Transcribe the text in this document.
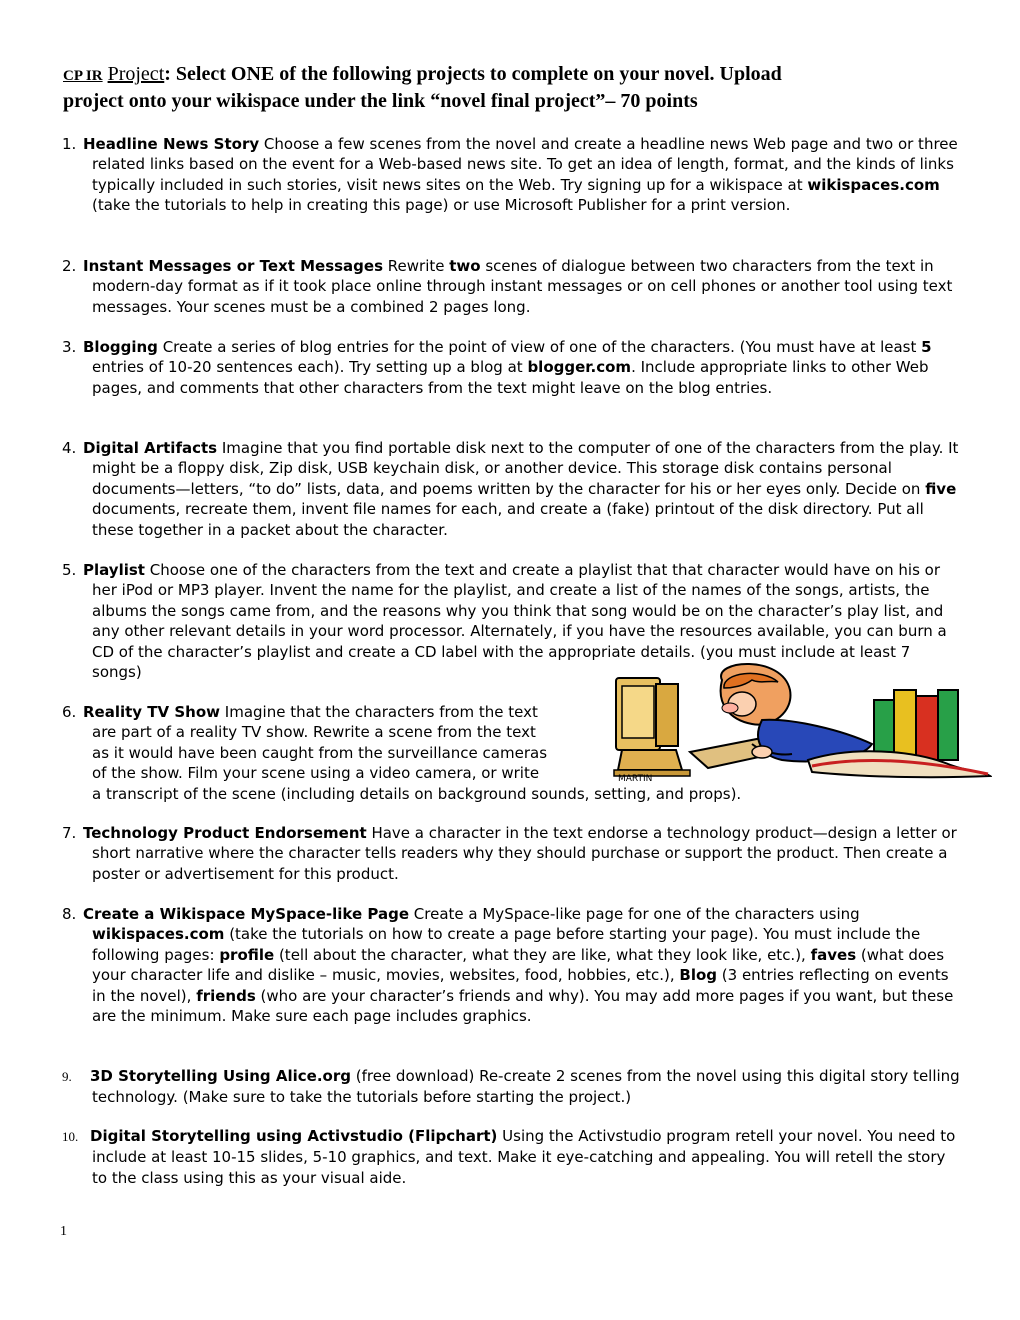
CP IR Project: Select ONE of the following projects to complete on your novel. Upload
project onto your wikispace under the link “novel final project”– 70 points

1.Headline News Story Choose a few scenes from the novel and create a headline news Web page and two or three related links based on the event for a Web-based news site. To get an idea of length, format, and the kinds of links typically included in such stories, visit news sites on the Web. Try signing up for a wikispace at wikispaces.com (take the tutorials to help in creating this page) or use Microsoft Publisher for a print version.

2.Instant Messages or Text Messages Rewrite two scenes of dialogue between two characters from the text in modern-day format as if it took place online through instant messages or on cell phones or another tool using text messages. Your scenes must be a combined 2 pages long.

3.Blogging Create a series of blog entries for the point of view of one of the characters. (You must have at least 5 entries of 10-20 sentences each). Try setting up a blog at blogger.com. Include appropriate links to other Web pages, and comments that other characters from the text might leave on the blog entries.

4.Digital Artifacts Imagine that you find portable disk next to the computer of one of the characters from the play. It might be a floppy disk, Zip disk, USB keychain disk, or another device. This storage disk contains personal documents—letters, “to do” lists, data, and poems written by the character for his or her eyes only. Decide on five documents, recreate them, invent file names for each, and create a (fake) printout of the disk directory. Put all these together in a packet about the character.

5.Playlist Choose one of the characters from the text and create a playlist that that character would have on his or her iPod or MP3 player. Invent the name for the playlist, and create a list of the names of the songs, artists, the albums the songs came from, and the reasons why you think that song would be on the character’s play list, and any other relevant details in your word processor. Alternately, if you have the resources available, you can burn a CD of the character’s playlist and create a CD label with the appropriate details. (you must include at least 7 songs)

6.Reality TV Show Imagine that the characters from the text
are part of a reality TV show. Rewrite a scene from the text
as it would have been caught from the surveillance cameras
of the show. Film your scene using a video camera, or write
a transcript of the scene (including details on background sounds, setting, and props).

7.Technology Product Endorsement Have a character in the text endorse a technology product—design a letter or short narrative where the character tells readers why they should purchase or support the product. Then create a poster or advertisement for this product.

8.Create a Wikispace MySpace-like Page Create a MySpace-like page for one of the characters using wikispaces.com (take the tutorials on how to create a page before starting your page). You must include the following pages: profile (tell about the character, what they are like, what they look like, etc.), faves (what does your character life and dislike – music, movies, websites, food, hobbies, etc.), Blog (3 entries reflecting on events in the novel), friends (who are your character’s friends and why). You may add more pages if you want, but these are the minimum. Make sure each page includes graphics.

9. 3D Storytelling Using Alice.org (free download) Re-create 2 scenes from the novel using this digital story telling technology. (Make sure to take the tutorials before starting the project.)

10. Digital Storytelling using Activstudio (Flipchart) Using the Activstudio program retell your novel. You need to include at least 10-15 slides, 5-10 graphics, and text. Make it eye-catching and appealing. You will retell the story to the class using this as your visual aide.

MARTIN
1
